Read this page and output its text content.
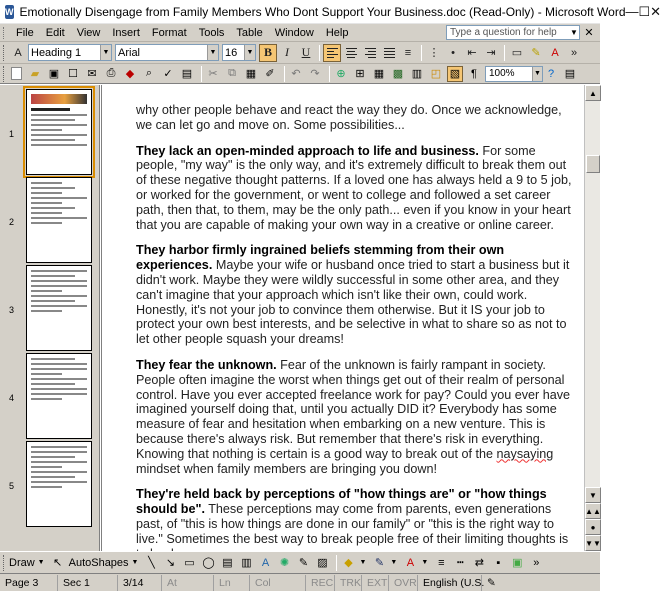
W Emotionally Disengage from Family Members Who Dont Support Your Business.doc (Read-Only) - Microsoft Word — ☐ ✕
File	Edit	View	Insert	Format	Tools	Table	Window	Help	Type a question for help ▼ ✕
A Heading 1	▼ Arial	▼ 16	▼ B	I	U	≡	⋮	•	⇤ ⇥	▭ ✎ A	»
▰ ▣ ☐ ✉ ⎙ ◆	⌕	✓ ▤	✂ ⧉ ▦ ✐	↶ ↷	⊕ ⊞ ▦ ▩ ▥ ◰ ▧ ¶	100%	▼ ? ▤
1
2
3
4
5

why other people behave and react the way they do. Once we acknowledge, we can let go and move on. Some possibilities...

They lack an open-minded approach to life and business. For some people, "my way" is the only way, and it's extremely difficult to break them out of these negative thought patterns. If a loved one has always held a 9 to 5 job, or worked for the government, or went to college and followed a set career path, then that, to them, may be the only path... even if you know in your heart that you are capable of making your own way in a creative or online career.

They harbor firmly ingrained beliefs stemming from their own experiences. Maybe your wife or husband once tried to start a business but it didn't work. Maybe they were wildly successful in some other area, and they can't imagine that your approach which isn't like their own, could work. Honestly, it's not your job to convince them otherwise. But it IS your job to protect your own best interests, and be selective in what to share so as not to let other people squash your dreams!

They fear the unknown. Fear of the unknown is fairly rampant in society. People often imagine the worst when things get out of their realm of personal control. Have you ever accepted freelance work for pay? Could you ever have imagined yourself doing that, until you actually DID it? Everybody has some measure of fear and hesitation when embarking on a new venture. This is because there's always risk. But remember that there's risk in everything. Knowing that nothing is certain is a good way to break out of the naysaying mindset when family members are bringing you down!

They're held back by perceptions of "how things are" or "how things should be". These perceptions may come from parents, even generations past, of "this is how things are done in our family" or "this is the right way to live." Sometimes the best way to break people free of their limiting thoughts is

▲
▼
▲▲
●
▼▼
Draw ▼ ↖ AutoShapes ▼ ╲	↘ ▭ ◯ ▤ ▥ A ✺ ✎ ▨	◆ ▼ ✎ ▼ A	▼ ≡	┅	⇄	▪	▣ »
Page 3	Sec 1	3/14	At	Ln	Col	REC TRK EXT OVR English (U.S. ✎
